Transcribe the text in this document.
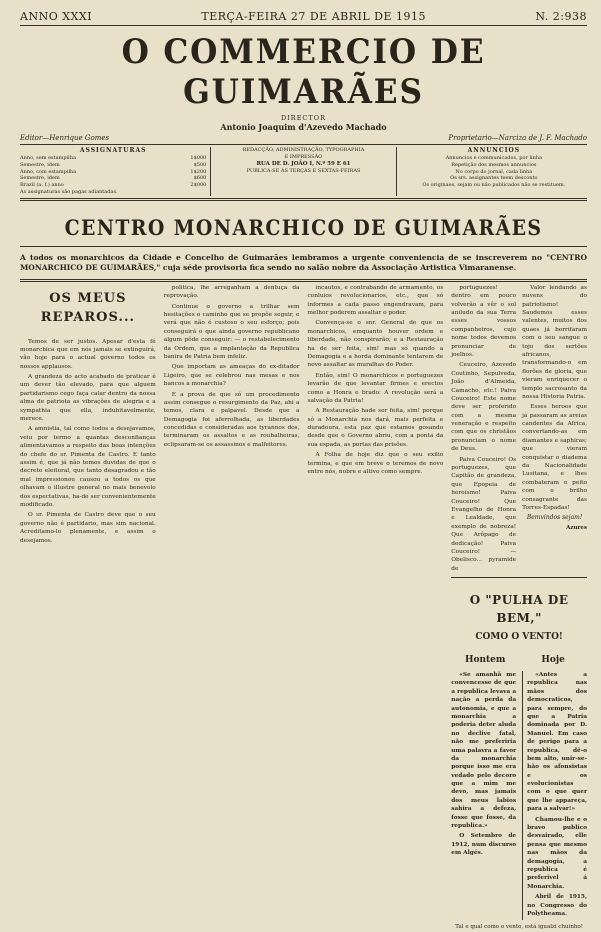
ANNO XXXI	TERÇA-FEIRA 27 DE ABRIL DE 1915	N. 2:938
O COMMERCIO DE GUIMARÃES
DIRECTOR
Antonio Joaquim d'Azevedo Machado
Editor—Henrique Gomes	Proprietario—Narciza de J. F. Machado
ASSIGNATURAS
Anno, sem estampilha	1$000
Semestre, idem	$500
Anno, com estampilha	1$200
Semestre, idem	$600
Brazil (a. f.) anno	2$000
As assignaturas são pagas adiantadas.
REDACÇÃO, ADMINISTRAÇÃO, TYPOGRAPHIA
E IMPRESSÃO
RUA DE D. JOÃO I, N.º 59 E 61
PUBLICA-SE ÀS TERÇAS E SEXTAS-FEIRAS
ANNUNCIOS
Annuncios e communicados, por linha
Repetição dos mesmos annuncios
No corpo do jornal, cada linha
Os srs. assignantes teem desconto
Os originaes, sejam ou não publicados não se restituem.
CENTRO MONARCHICO DE GUIMARÃES
A todos os monarchicos da Cidade e Concelho de Guimarães lembramos a urgente conveniencia de se inscreverem no "CENTRO MONARCHICO DE GUIMARÃES," cuja séde provisoria fica sendo no salão nobre da Associação Artistica Vimaranense.
OS MEUS REPAROS...

Temos de ser justos. Apesar d'esta fé monarchica que em nós jamais se extinguirá, vão hoje para o actual governo todos os nossos applausos.

A grandeza do acto acabado de praticar é um dever tão elevado, para que alguem partidarismo cego faça calar dentro da nossa alma de patriota as vibrações de alegria e a sympathia que ella, indubitavelmente, merece.

A amnistia, tal como todos a desejavamos, veiu por termo a quantas desconfianças alimentavamos a respeito das boas intenções do chefe do sr. Pimenta de Castro. E tanto assim é, que já não temos duvidas de que o decreto eleitoral, que tanto desagradou e tão mal impressionou causou a todos os que olhavam o illustre general no mais benevolo dos espectativas, ha-de ser convenientemente modificado.

O sr. Pimenta de Castro deve que o seu governo não é partidario, mas sim nacional. Acreditamo-lo plenamente, e assim o desejamos.

politica, lhe arreganham a dentuça da reprovação.

Continue o governo a trilhar sem hesitações o caminho que se propõe seguir, e verá que não é custoso o seu esforço; pois conseguirá o que ainda governo republicano algum pôde conseguir: — o restabelecimento da Ordem, que a implantação da Republica banira de Patria bem infeliz.

Que importam as ameaças do ex-ditador Ligeiro, que se celebrou nas mesas e nos bancos a monarchia?

E a prova de que só um procedimento assim consegue o resurgimento da Paz, ahi a temos, clara e palpavel. Desde que a Demagogia foi aferrolhada, as liberdades concedidas e consideradas aos tyrannos dos, terminaram os assaltos e as roubalheiras, eclipsaram-se os assassinos e malfeitores.

incautos, e contrabando de armamento, os conluios revolucionarios, etc., que só informes a cada passo engendravam, para melhor poderem assaltar o poder.

Convença-se o snr. General de que os monarchicos, emquanto houver ordem e liberdade, não conspirarão; e a Restauração ha de ser feita, sim! mas só quando a Demagogia e a horda dominante tentarem de novo assaltar as muralhas do Poder.

Então, sim! O monarchicos e portuguezes levarão de que levantar firmes e erectos como a Honra e brado: A revolução será a salvação da Patria!

A Restauração hade ser feita, sim! porque só a Monarchia nos dará, mais perfeita e duradoura, esta paz que estamos gosando desde que o Governo abriu, com a ponta da sua espada, as portas das prisões.

A Folha de hoje diz que o seu exilio termina, e que em breve o teremos de novo entre nós, nobre e altivo como sempre.

portuguezes! dentro em pouco volverão a vêr o sol aniludo da sua Terra esses vossos companheiros, cujo nome todos devemos pronunciar de joelhos.

Ceuceiro, Azevedo Coutinho, Sepulveda, João d'Almeida, Camacho, etc.! Paiva Couceiro! Este nome deve ser proferido com a mesma veneração e respeito com que os christãos pronunciam o nome de Deus.

Paiva Couceiro! Os portuguezes, que Capitão de grandeza, que Epopeia de heroismo! Paiva Couceiro! Que Evangelho de Honra e Lealdade, que exemplo de nobreza! Que Arôpago de dedicação! Paiva Couceiro! —Obelisco... pyramide de

Valor lendando as nuvens do patriotismo! Saudemos esses valentes, muitos dos quaes já borrifaram com o seu sangue o tojo dos sertões africanos, transformando-o em florões de gloria, que vieram enriquecer o templo sacrosanto da nossa Historia Patria.

Esses heroes que já passaram as areias candentes da Africa, convertando-as em diamantes e saphiras; que vieram conquistar o diadema da Nacionalidade Lusitana, e lhes combateram o peito com o brilho consagrante das Torres-Espadas!

Bemvindos sejam!
Azures
O "PULHA DE BEM,"
COMO O VENTO!
Hontem	Hoje

«Se amanhã me convencesse de que a republica levava a nação a perda da autonomia, e que a monarchia a poderia deter aluda no declive fatal, não me preferiria uma palavra a favor da monarchia porque isso me era vedado pelo decoro que a mim me devo, mas jamais dos meus labios sahira a defeza, fosse que fosse, da republica.»

O Setembro de 1912, num discurso em Algés.

«Antes a republica nas mãos dos democraticos, para sempre, do que a Patria dominada por D. Manuel. Em caso de perigo para a republica, dê-o bem alto, unir-se-hão os afonsistas e os evolucionistas com o que quer que lhe appareça, para a salvar!»

Chamou-lhe e o bravo publico desvairado, elle pensa que mesmo nas mãos da demagogia, a republica é preferivel á Monarchia.

Abril de 1915, no Congresso do Polytheama.

Tal e qual como o vento, está igualzi chuinho!
